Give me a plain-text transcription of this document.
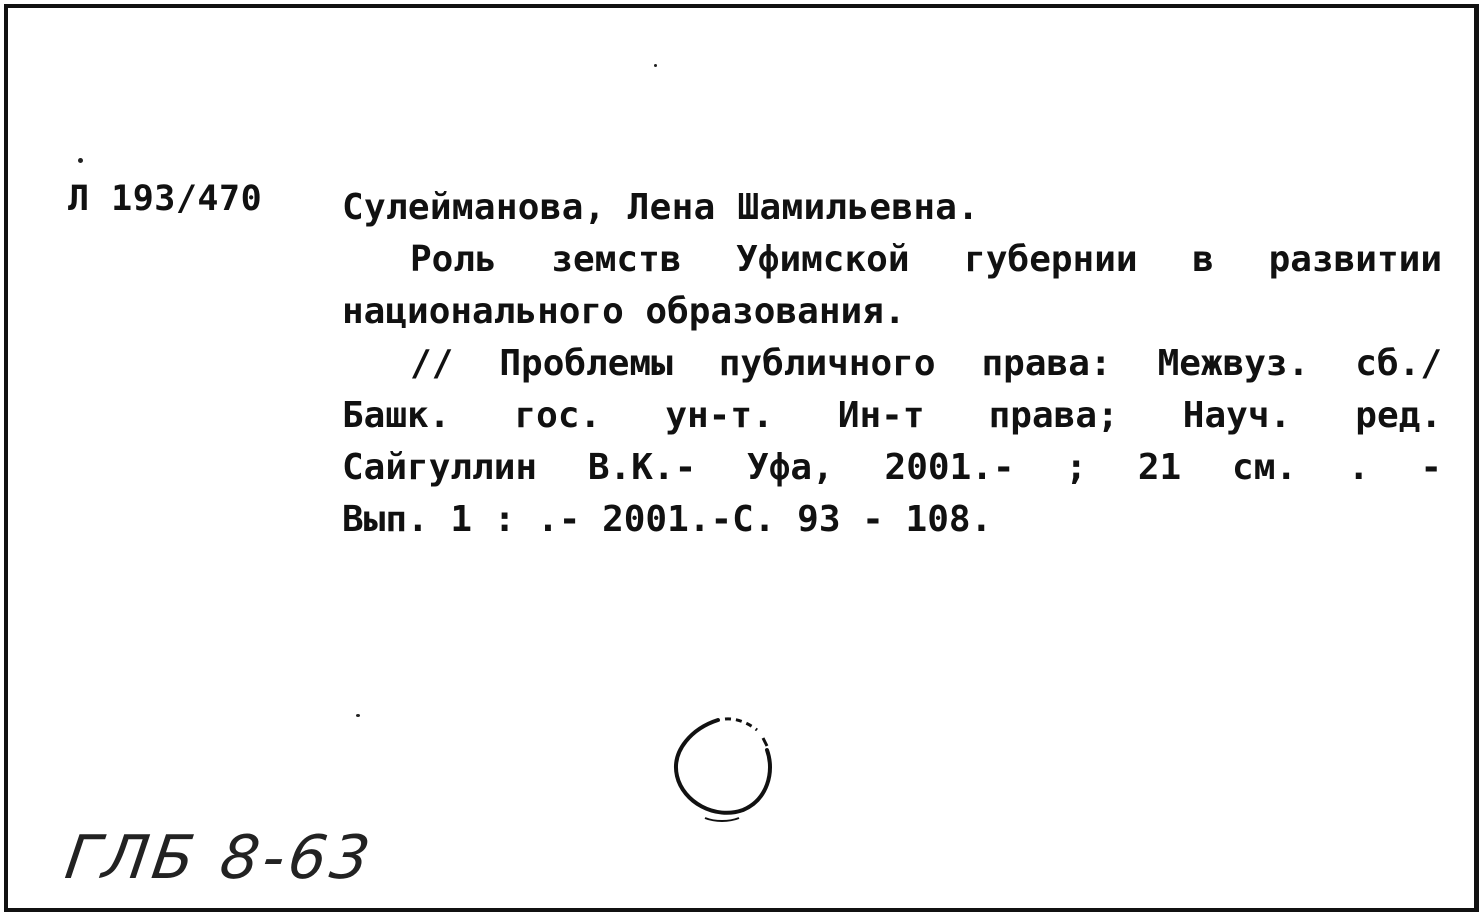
Л 193/470 Сулейманова, Лена Шамильевна.
Роль земств Уфимской губернии в развитии
национального образования.
// Проблемы публичного права: Межвуз. сб./
Башк. гос. ун-т. Ин-т права; Науч. ред.
Сайгуллин В.К.- Уфа, 2001.- ; 21 см. . -
Вып. 1 : .- 2001.-С. 93 - 108.
ГЛБ 8-63
